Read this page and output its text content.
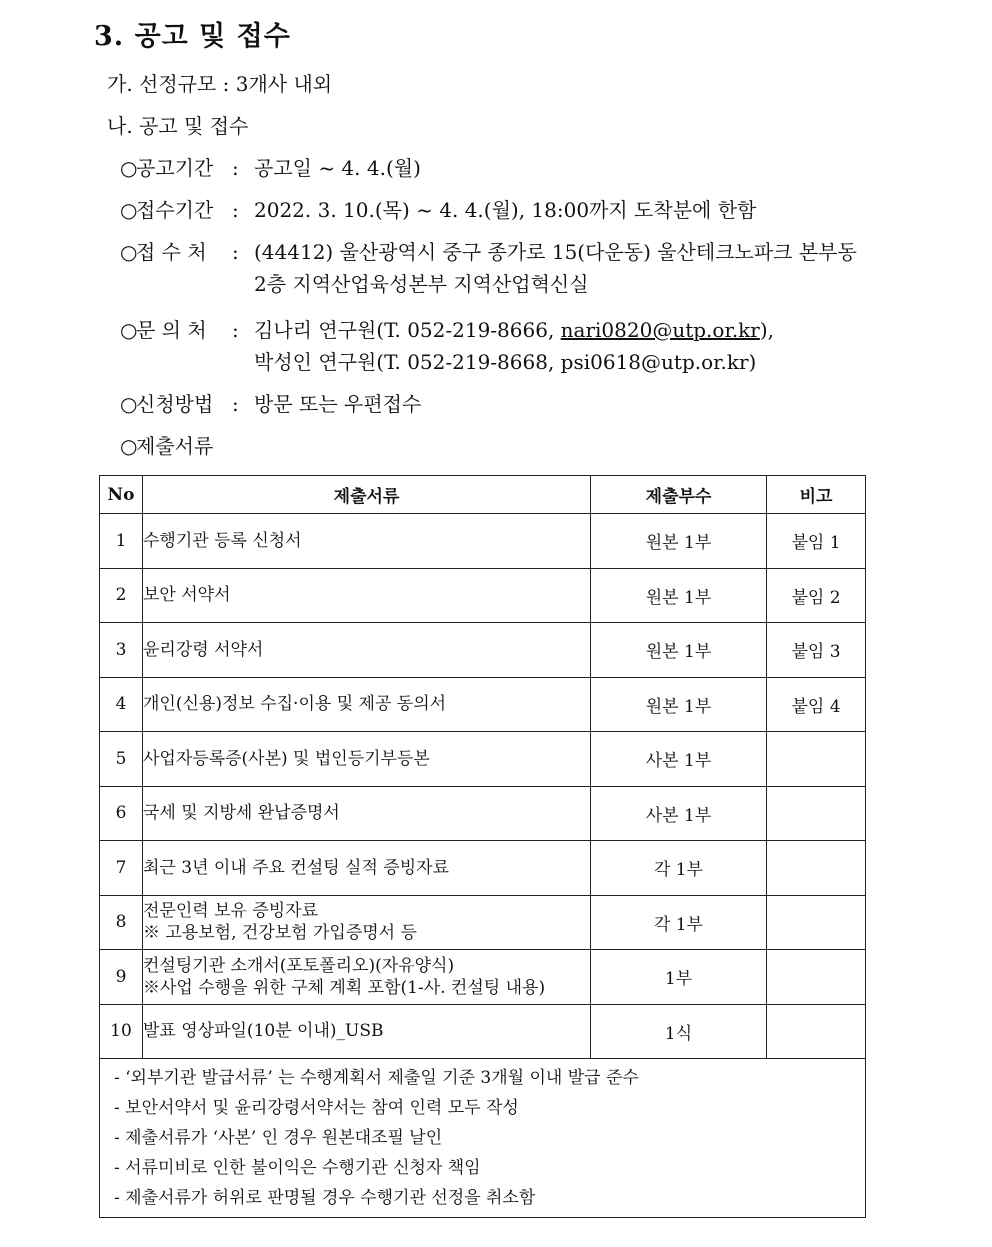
3. 공고 및 접수
가. 선정규모 : 3개사 내외
나. 공고 및 접수
○공고기간 : 공고일 ~ 4. 4.(월)
○접수기간 : 2022. 3. 10.(목) ~ 4. 4.(월), 18:00까지 도착분에 한함
○접 수 처 : (44412) 울산광역시 중구 종가로 15(다운동) 울산테크노파크 본부동
2층 지역산업육성본부 지역산업혁신실
○문 의 처 : 김나리 연구원(T. 052-219-8666, nari0820@utp.or.kr),
박성인 연구원(T. 052-219-8668, psi0618@utp.or.kr)
○신청방법 : 방문 또는 우편접수
○제출서류
No	제출서류	제출부수	비고
1	수행기관 등록 신청서	원본 1부	붙임 1
2	보안 서약서	원본 1부	붙임 2
3	윤리강령 서약서	원본 1부	붙임 3
4	개인(신용)정보 수집·이용 및 제공 동의서	원본 1부	붙임 4
5	사업자등록증(사본) 및 법인등기부등본	사본 1부	
6	국세 및 지방세 완납증명서	사본 1부	
7	최근 3년 이내 주요 컨설팅 실적 증빙자료	각 1부	
8	전문인력 보유 증빙자료
※ 고용보험, 건강보험 가입증명서 등	각 1부	
9	컨설팅기관 소개서(포토폴리오)(자유양식)
※사업 수행을 위한 구체 계획 포함(1-사. 컨설팅 내용)	1부	
10	발표 영상파일(10분 이내)_USB	1식	

- ‘외부기관 발급서류’ 는 수행계획서 제출일 기준 3개월 이내 발급 준수
- 보안서약서 및 윤리강령서약서는 참여 인력 모두 작성
- 제출서류가 ‘사본’ 인 경우 원본대조필 날인
- 서류미비로 인한 불이익은 수행기관 신청자 책임
- 제출서류가 허위로 판명될 경우 수행기관 선정을 취소함			
